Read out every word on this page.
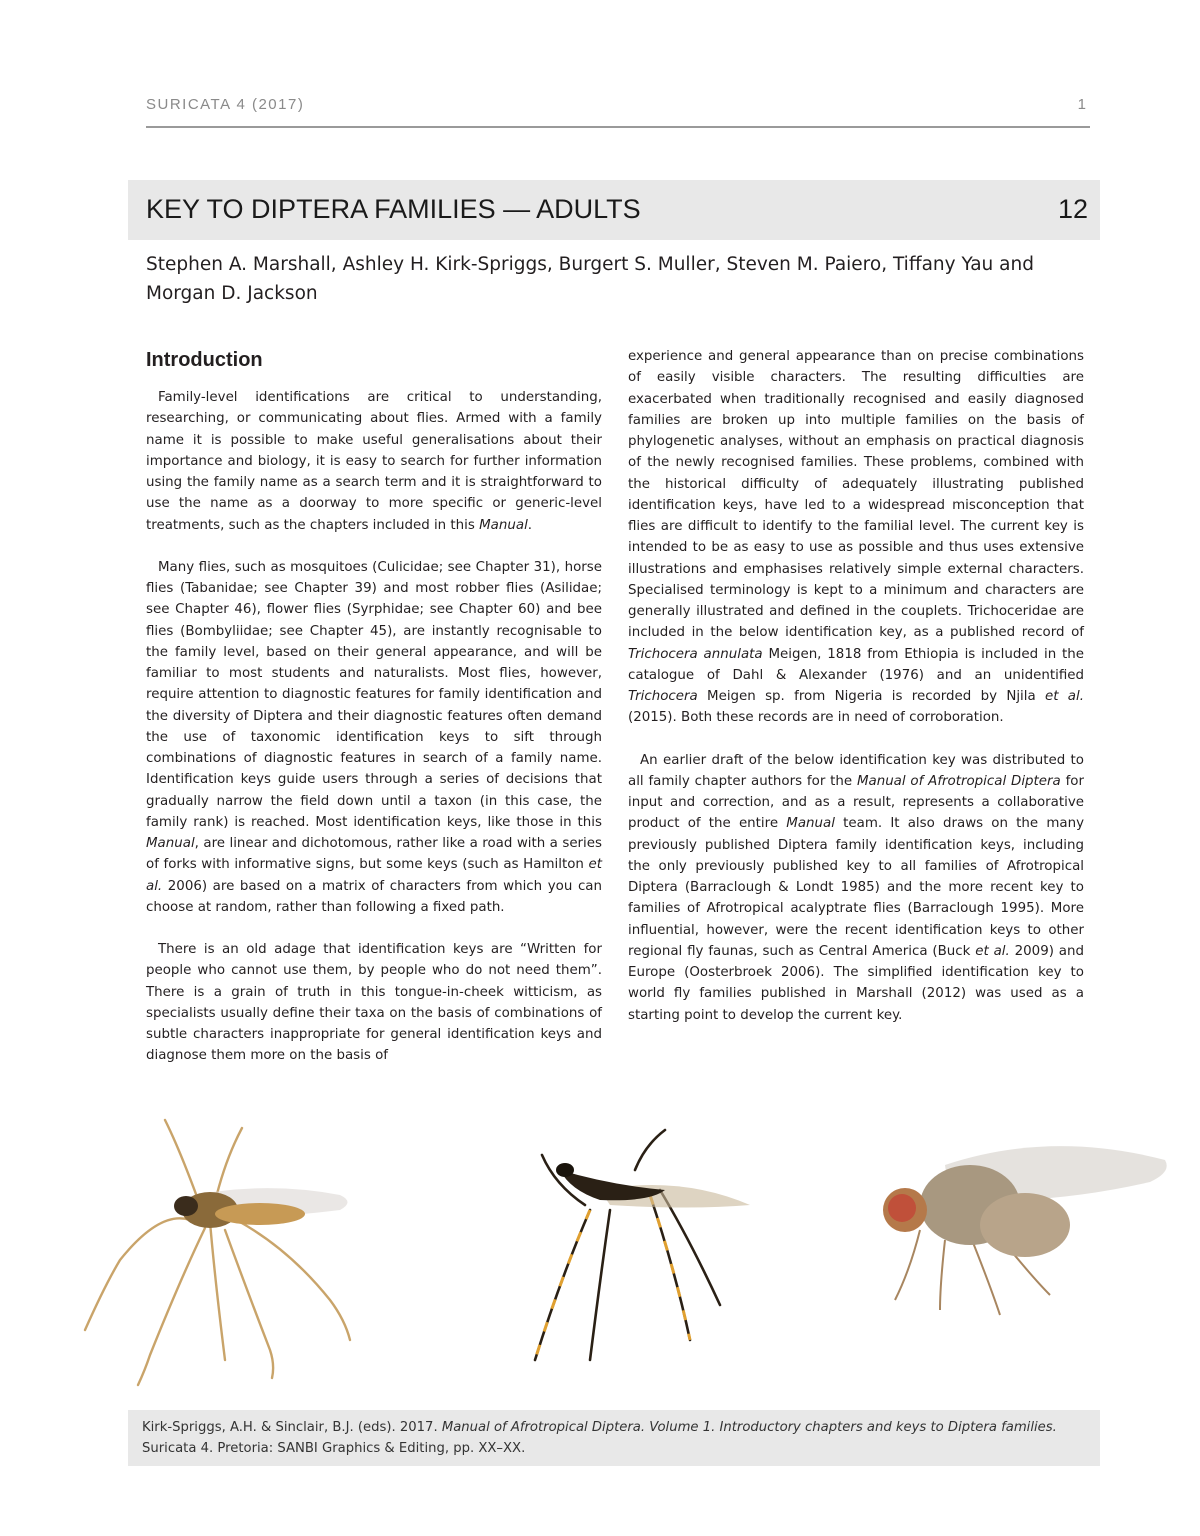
SURICATA 4 (2017)	1
KEY TO DIPTERA FAMILIES — ADULTS	12
Stephen A. Marshall, Ashley H. Kirk-Spriggs, Burgert S. Muller, Steven M. Paiero, Tiffany Yau and Morgan D. Jackson
Introduction

Family-level identifications are critical to understanding, researching, or communicating about flies. Armed with a family name it is possible to make useful generalisations about their importance and biology, it is easy to search for further information using the family name as a search term and it is straightforward to use the name as a doorway to more specific or generic-level treatments, such as the chapters included in this Manual.

Many flies, such as mosquitoes (Culicidae; see Chapter 31), horse flies (Tabanidae; see Chapter 39) and most robber flies (Asilidae; see Chapter 46), flower flies (Syrphidae; see Chapter 60) and bee flies (Bombyliidae; see Chapter 45), are instantly recognisable to the family level, based on their general appearance, and will be familiar to most students and naturalists. Most flies, however, require attention to diagnostic features for family identification and the diversity of Diptera and their diagnostic features often demand the use of taxonomic identification keys to sift through combinations of diagnostic features in search of a family name. Identification keys guide users through a series of decisions that gradually narrow the field down until a taxon (in this case, the family rank) is reached. Most identification keys, like those in this Manual, are linear and dichotomous, rather like a road with a series of forks with informative signs, but some keys (such as Hamilton et al. 2006) are based on a matrix of characters from which you can choose at random, rather than following a fixed path.

There is an old adage that identification keys are “Written for people who cannot use them, by people who do not need them”. There is a grain of truth in this tongue-in-cheek witticism, as specialists usually define their taxa on the basis of combinations of subtle characters inappropriate for general identification keys and diagnose them more on the basis of

experience and general appearance than on precise combinations of easily visible characters. The resulting difficulties are exacerbated when traditionally recognised and easily diagnosed families are broken up into multiple families on the basis of phylogenetic analyses, without an emphasis on practical diagnosis of the newly recognised families. These problems, combined with the historical difficulty of adequately illustrating published identification keys, have led to a widespread misconception that flies are difficult to identify to the familial level. The current key is intended to be as easy to use as possible and thus uses extensive illustrations and emphasises relatively simple external characters. Specialised terminology is kept to a minimum and characters are generally illustrated and defined in the couplets. Trichoceridae are included in the below identification key, as a published record of Trichocera annulata Meigen, 1818 from Ethiopia is included in the catalogue of Dahl & Alexander (1976) and an unidentified Trichocera Meigen sp. from Nigeria is recorded by Njila et al. (2015). Both these records are in need of corroboration.

An earlier draft of the below identification key was distributed to all family chapter authors for the Manual of Afrotropical Diptera for input and correction, and as a result, represents a collaborative product of the entire Manual team. It also draws on the many previously published Diptera family identification keys, including the only previously published key to all families of Afrotropical Diptera (Barraclough & Londt 1985) and the more recent key to families of Afrotropical acalyptrate flies (Barraclough 1995). More influential, however, were the recent identification keys to other regional fly faunas, such as Central America (Buck et al. 2009) and Europe (Oosterbroek 2006). The simplified identification key to world fly families published in Marshall (2012) was used as a starting point to develop the current key.

Kirk-Spriggs, A.H. & Sinclair, B.J. (eds). 2017. Manual of Afrotropical Diptera. Volume 1. Introductory chapters and keys to Diptera families. Suricata 4. Pretoria: SANBI Graphics & Editing, pp. XX–XX.
